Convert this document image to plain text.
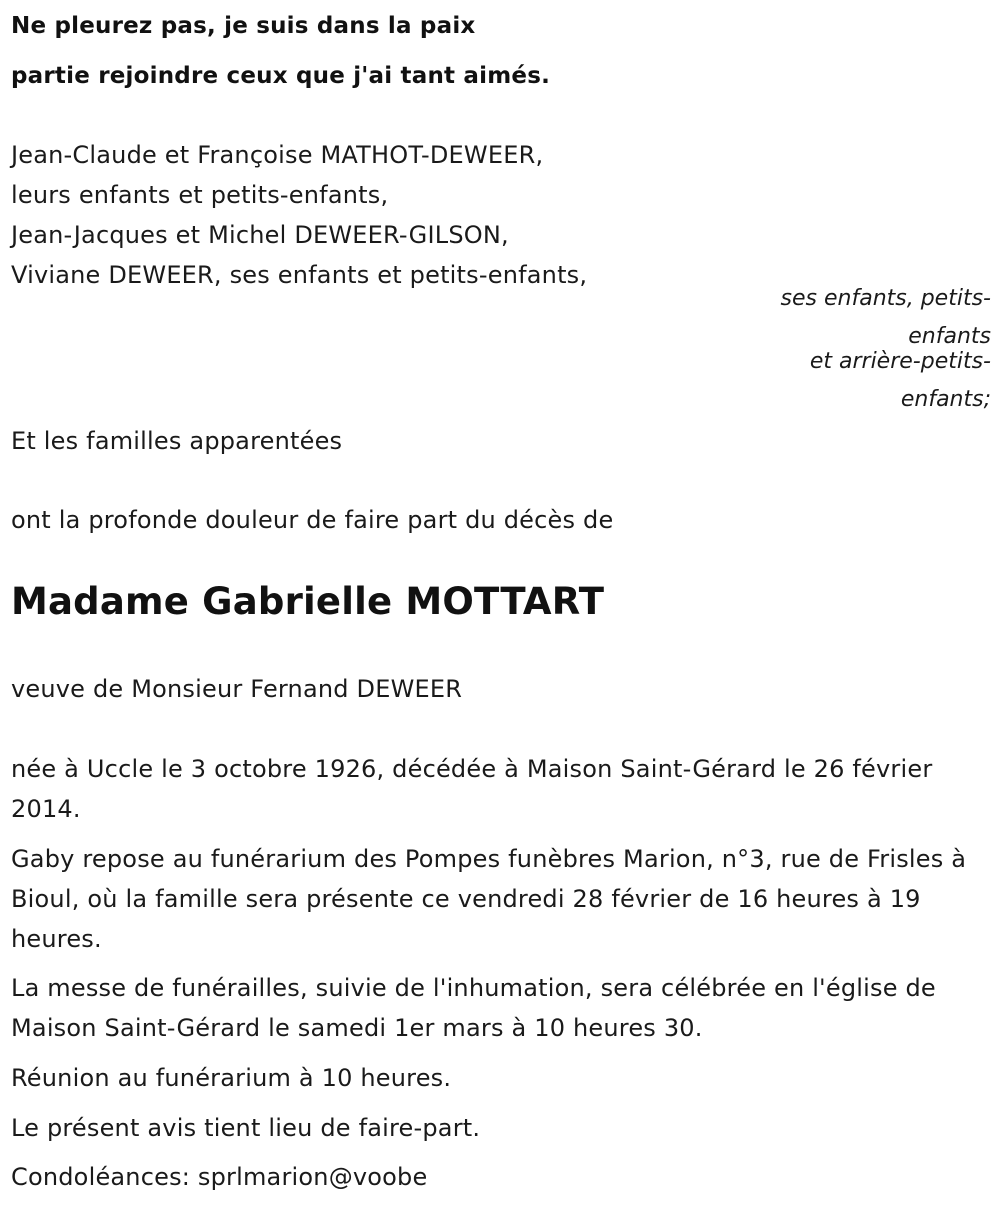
Ne pleurez pas, je suis dans la paix
partie rejoindre ceux que j'ai tant aimés.
Jean-Claude et Françoise MATHOT-DEWEER,
leurs enfants et petits-enfants,
Jean-Jacques et Michel DEWEER-GILSON,
Viviane DEWEER, ses enfants et petits-enfants,
ses enfants, petits-
enfants
et arrière-petits-
enfants;
Et les familles apparentées
ont la profonde douleur de faire part du décès de
Madame Gabrielle MOTTART
veuve de Monsieur Fernand DEWEER
née à Uccle le 3 octobre 1926, décédée à Maison Saint-Gérard le 26 février 2014.
Gaby repose au funérarium des Pompes funèbres Marion, n°3, rue de Frisles à Bioul, où la famille sera présente ce vendredi 28 février de 16 heures à 19 heures.
La messe de funérailles, suivie de l'inhumation, sera célébrée en l'église de Maison Saint-Gérard le samedi 1er mars à 10 heures 30.
Réunion au funérarium à 10 heures.
Le présent avis tient lieu de faire-part.
Condoléances: sprlmarion@voobe
